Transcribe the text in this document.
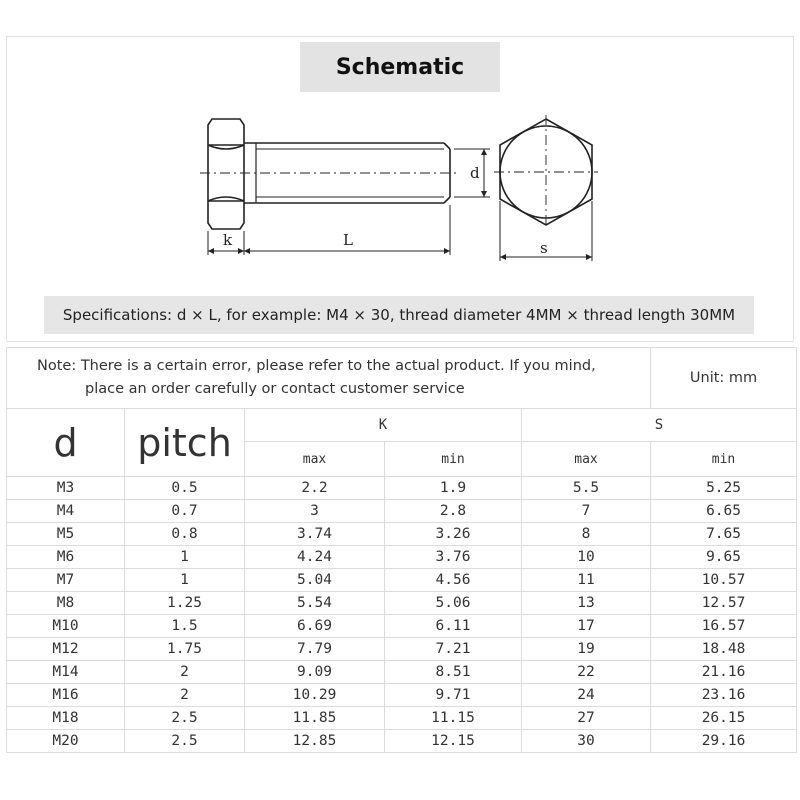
Schematic
k	L
d
s
Specifications: d × L, for example: M4 × 30, thread diameter 4MM × thread length 30MM
Note: There is a certain error, please refer to the actual product. If you mind,
place an order carefully or contact customer service					Unit: mm
d	pitch	K		S	
		max	min	max	min
M3	0.5	2.2	1.9	5.5	5.25
M4	0.7	3	2.8	7	6.65
M5	0.8	3.74	3.26	8	7.65
M6	1	4.24	3.76	10	9.65
M7	1	5.04	4.56	11	10.57
M8	1.25	5.54	5.06	13	12.57
M10	1.5	6.69	6.11	17	16.57
M12	1.75	7.79	7.21	19	18.48
M14	2	9.09	8.51	22	21.16
M16	2	10.29	9.71	24	23.16
M18	2.5	11.85	11.15	27	26.15
M20	2.5	12.85	12.15	30	29.16
